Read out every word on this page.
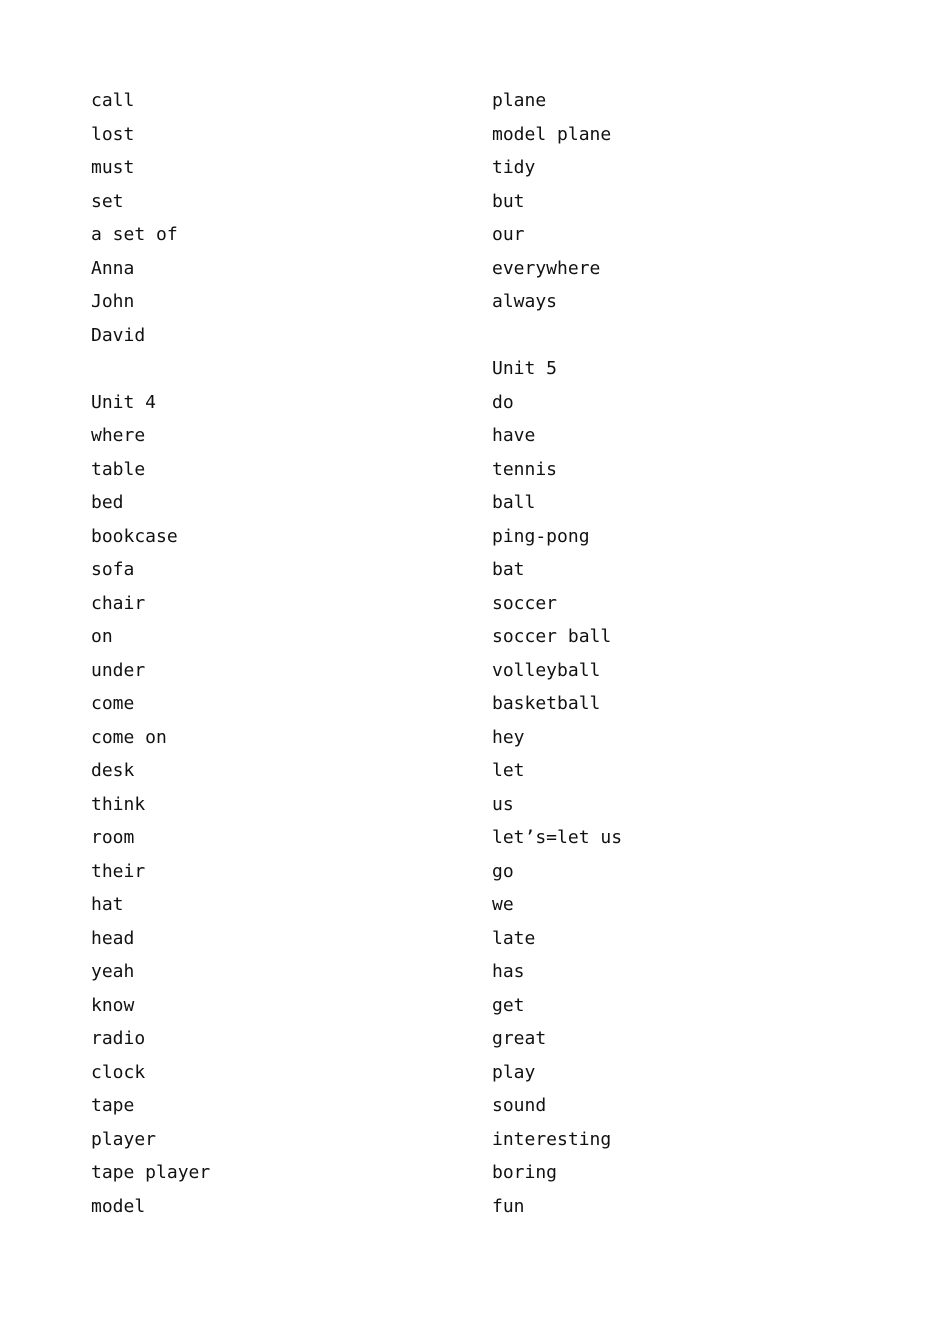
call
lost
must
set
a set of
Anna
John
David
Unit 4
where
table
bed
bookcase
sofa
chair
on
under
come
come on
desk
think
room
their
hat
head
yeah
know
radio
clock
tape
player
tape player
model
plane
model plane
tidy
but
our
everywhere
always
Unit 5
do
have
tennis
ball
ping-pong
bat
soccer
soccer ball
volleyball
basketball
hey
let
us
let’s=let us
go
we
late
has
get
great
play
sound
interesting
boring
fun
